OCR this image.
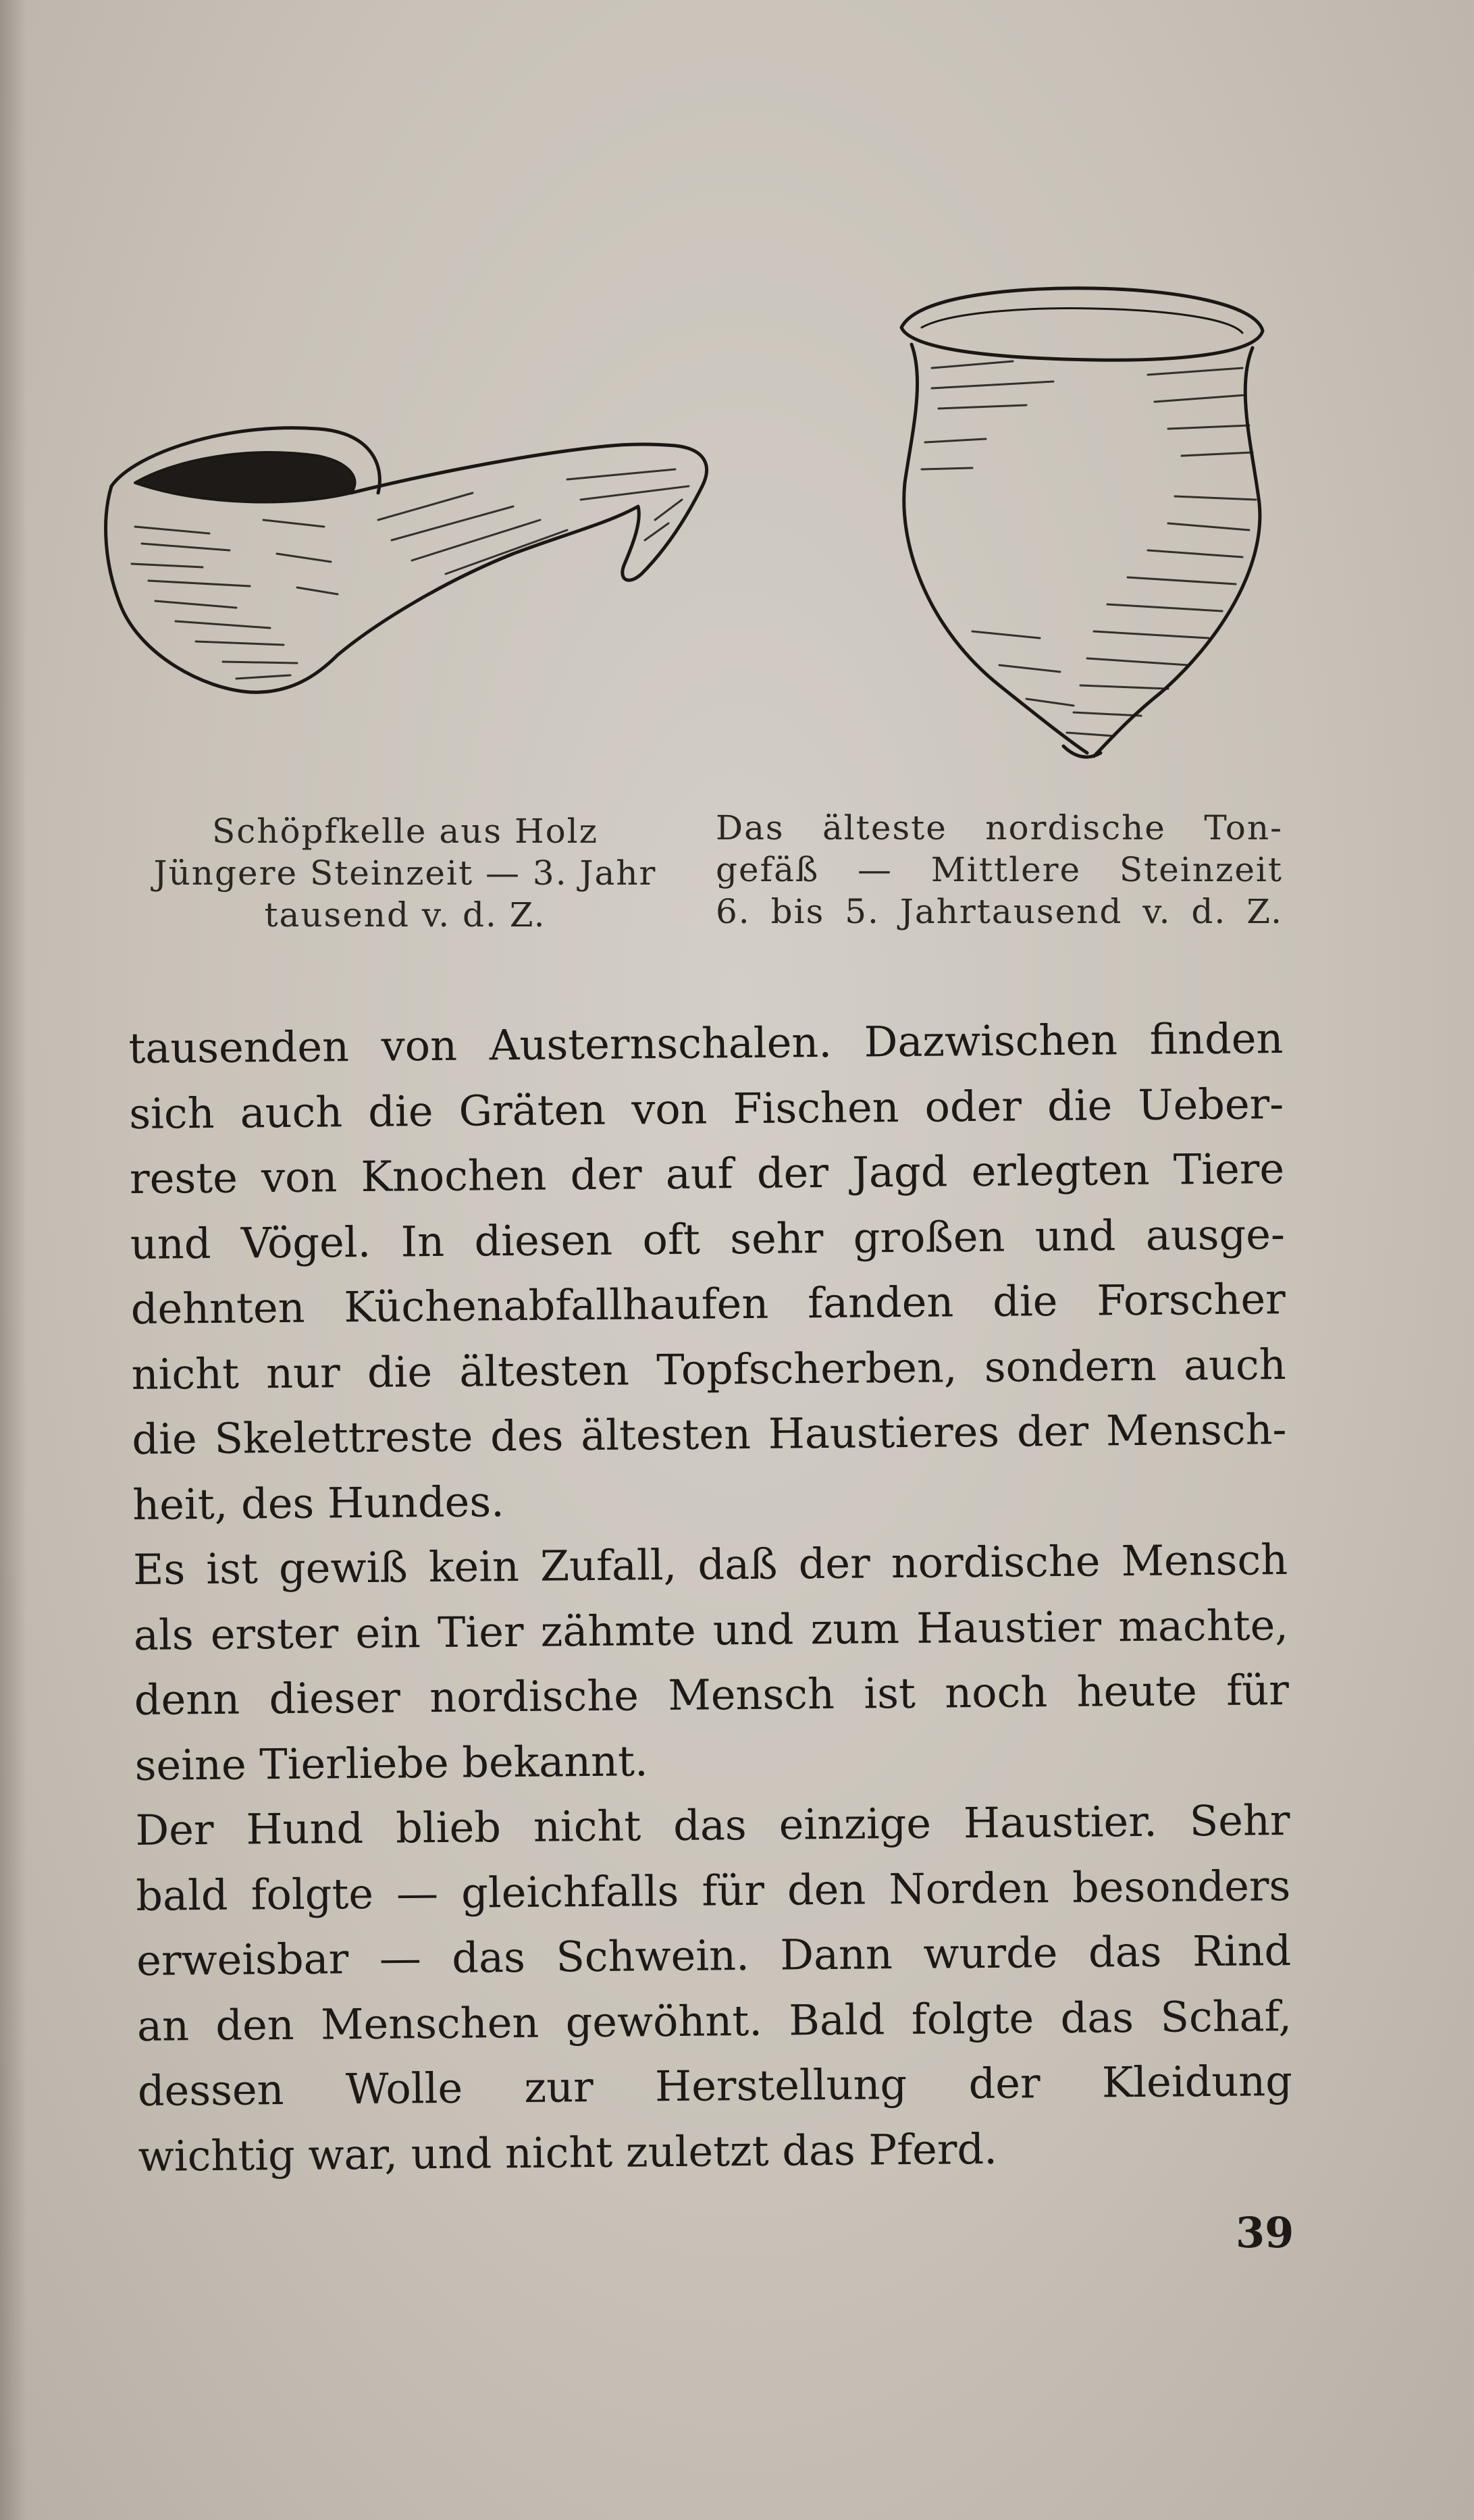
Schöpfkelle aus Holz
Jüngere Steinzeit — 3. Jahr
tausend v. d. Z.
Das älteste nordische Ton-
gefäß — Mittlere Steinzeit
6. bis 5. Jahrtausend v. d. Z.
tausenden von Austernschalen. Dazwischen finden
sich auch die Gräten von Fischen oder die Ueber-
reste von Knochen der auf der Jagd erlegten Tiere
und Vögel. In diesen oft sehr großen und ausge-
dehnten Küchenabfallhaufen fanden die Forscher
nicht nur die ältesten Topfscherben, sondern auch
die Skelettreste des ältesten Haustieres der Mensch-
heit, des Hundes.
Es ist gewiß kein Zufall, daß der nordische Mensch
als erster ein Tier zähmte und zum Haustier machte,
denn dieser nordische Mensch ist noch heute für
seine Tierliebe bekannt.
Der Hund blieb nicht das einzige Haustier. Sehr
bald folgte — gleichfalls für den Norden besonders
erweisbar — das Schwein. Dann wurde das Rind
an den Menschen gewöhnt. Bald folgte das Schaf,
dessen Wolle zur Herstellung der Kleidung
wichtig war, und nicht zuletzt das Pferd.
39
